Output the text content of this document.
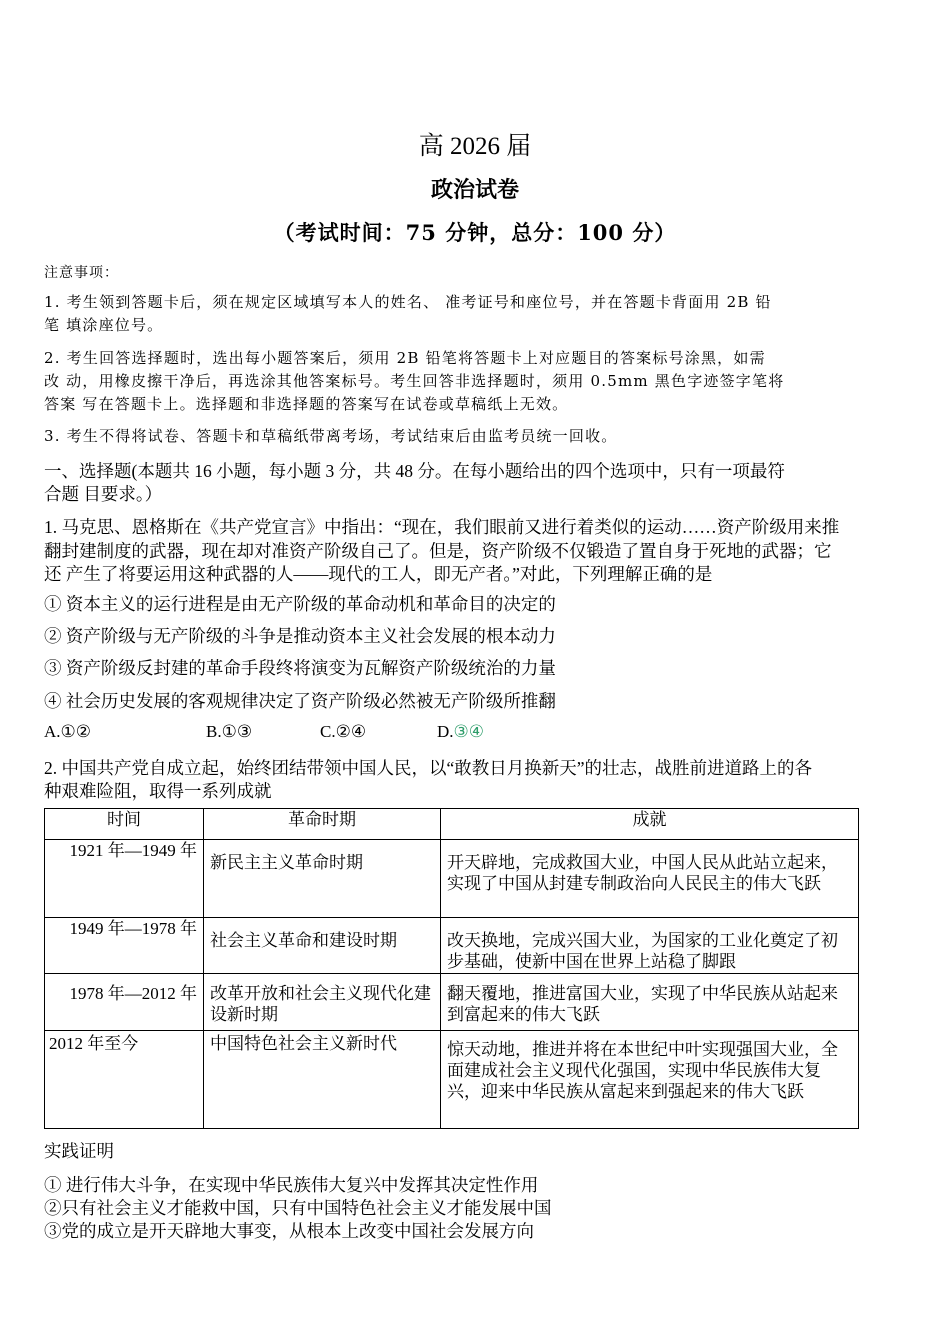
高 2026 届
政治试卷
（考试时间：75 分钟，总分：100 分）
注意事项：
1. 考生领到答题卡后，须在规定区域填写本人的姓名、 准考证号和座位号，并在答题卡背面用 2B 铅
笔 填涂座位号。
2. 考生回答选择题时，选出每小题答案后，须用 2B 铅笔将答题卡上对应题目的答案标号涂黑，如需
改 动，用橡皮擦干净后，再选涂其他答案标号。考生回答非选择题时，须用 0.5mm 黑色字迹签字笔将
答案 写在答题卡上。选择题和非选择题的答案写在试卷或草稿纸上无效。
3. 考生不得将试卷、答题卡和草稿纸带离考场，考试结束后由监考员统一回收。
一、选择题(本题共 16 小题，每小题 3 分，共 48 分。在每小题给出的四个选项中，只有一项最符
合题 目要求。）
1. 马克思、恩格斯在《共产党宣言》中指出：“现在，我们眼前又进行着类似的运动……资产阶级用来推
翻封建制度的武器，现在却对准资产阶级自己了。但是，资产阶级不仅锻造了置自身于死地的武器；它
还 产生了将要运用这种武器的人——现代的工人，即无产者。”对此，下列理解正确的是
① 资本主义的运行进程是由无产阶级的革命动机和革命目的决定的
② 资产阶级与无产阶级的斗争是推动资本主义社会发展的根本动力
③ 资产阶级反封建的革命手段终将演变为瓦解资产阶级统治的力量
④ 社会历史发展的客观规律决定了资产阶级必然被无产阶级所推翻
A.①②	B.①③	C.②④	D.③④
2. 中国共产党自成立起，始终团结带领中国人民，以“敢教日月换新天”的壮志，战胜前进道路上的各
种艰难险阻，取得一系列成就
时间	革命时期	成就
1921 年—1949 年	新民主主义革命时期	开天辟地，完成救国大业，中国人民从此站立起来，实现了中国从封建专制政治向人民民主的伟大飞跃
1949 年—1978 年	社会主义革命和建设时期	改天换地，完成兴国大业，为国家的工业化奠定了初步基础，使新中国在世界上站稳了脚跟
1978 年—2012 年	改革开放和社会主义现代化建设新时期	翻天覆地，推进富国大业，实现了中华民族从站起来到富起来的伟大飞跃
2012 年至今	中国特色社会主义新时代	惊天动地，推进并将在本世纪中叶实现强国大业，全面建成社会主义现代化强国，实现中华民族伟大复兴，迎来中华民族从富起来到强起来的伟大飞跃
实践证明
① 进行伟大斗争，在实现中华民族伟大复兴中发挥其决定性作用
②只有社会主义才能救中国，只有中国特色社会主义才能发展中国
③党的成立是开天辟地大事变，从根本上改变中国社会发展方向
